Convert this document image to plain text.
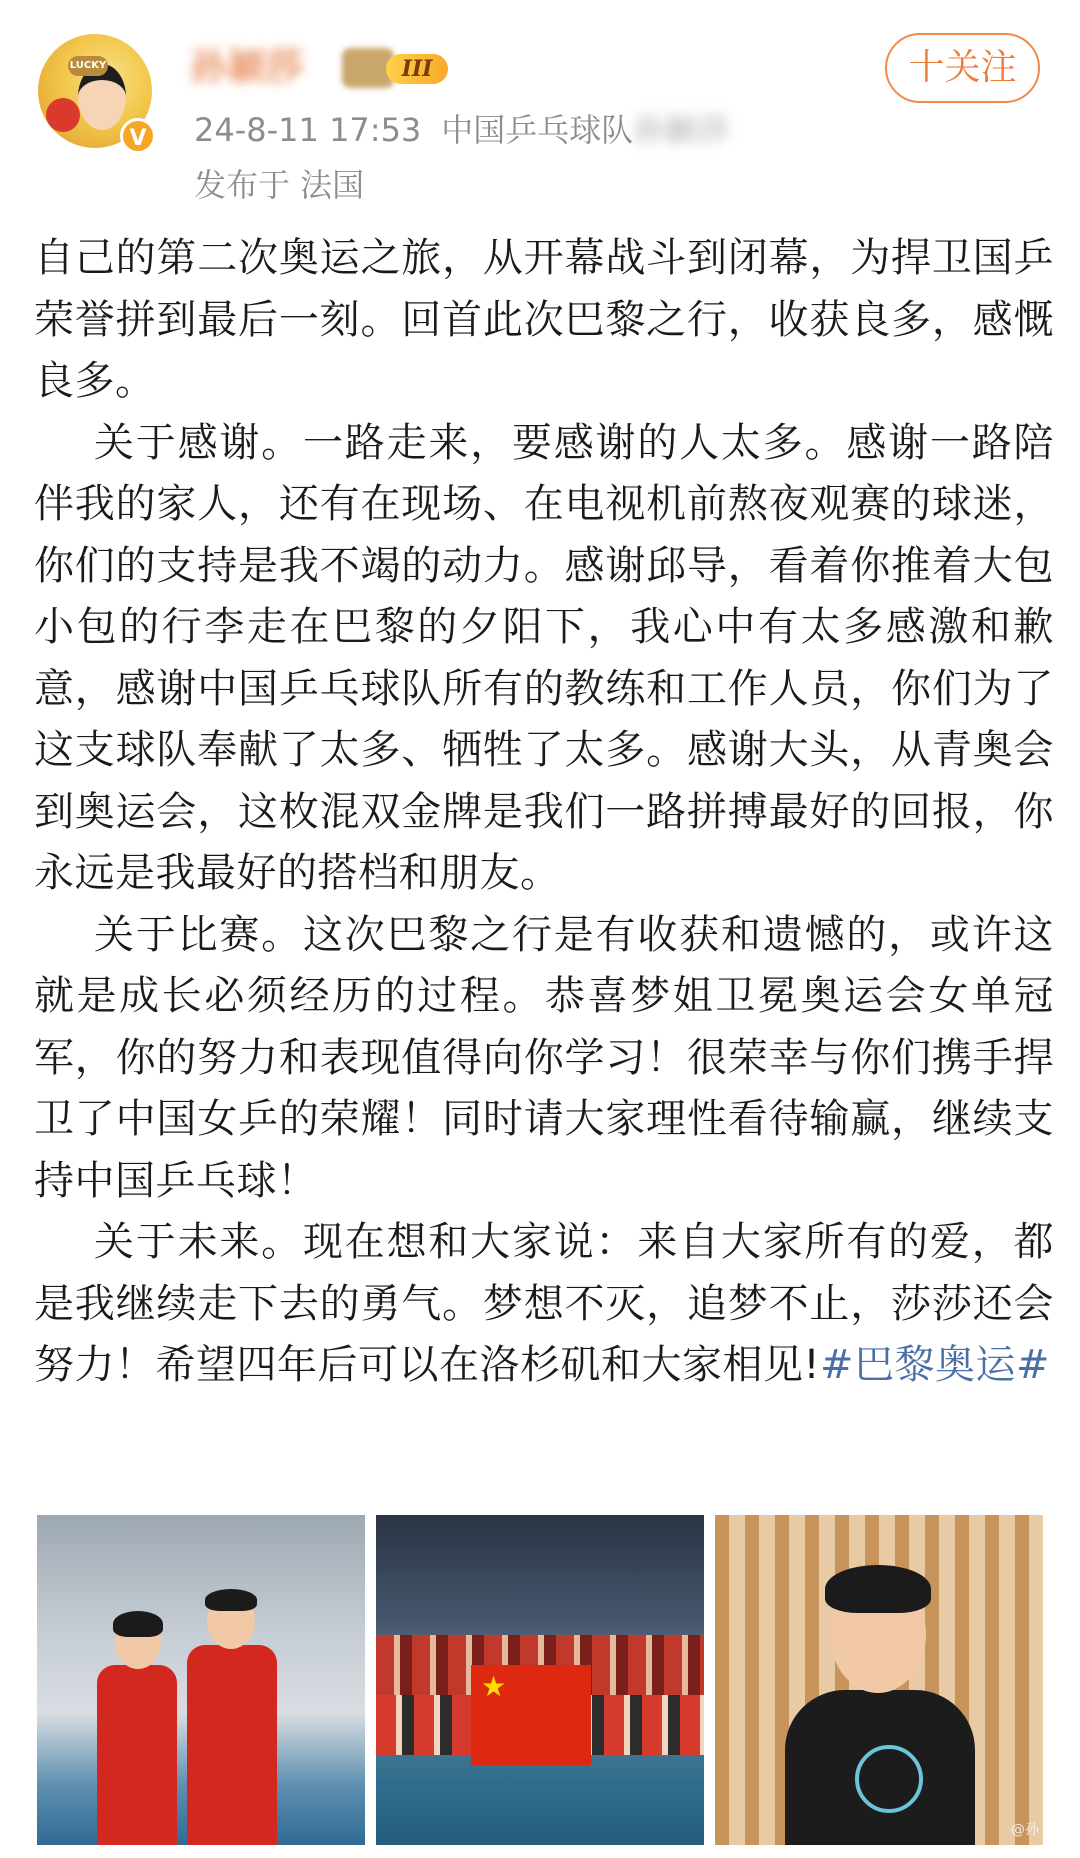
LUCKY
V
孙颖莎	III
24-8-11 17:53 中国乒乓球队孙颖莎
发布于 法国
十关注

自己的第二次奥运之旅，从开幕战斗到闭幕，为捍卫国乒荣誉拼到最后一刻。回首此次巴黎之行，收获良多，感慨良多。

关于感谢。一路走来，要感谢的人太多。感谢一路陪伴我的家人，还有在现场、在电视机前熬夜观赛的球迷，你们的支持是我不竭的动力。感谢邱导，看着你推着大包小包的行李走在巴黎的夕阳下，我心中有太多感激和歉意，感谢中国乒乓球队所有的教练和工作人员，你们为了这支球队奉献了太多、牺牲了太多。感谢大头，从青奥会到奥运会，这枚混双金牌是我们一路拼搏最好的回报，你永远是我最好的搭档和朋友。

关于比赛。这次巴黎之行是有收获和遗憾的，或许这就是成长必须经历的过程。恭喜梦姐卫冕奥运会女单冠军，你的努力和表现值得向你学习！很荣幸与你们携手捍卫了中国女乒的荣耀！同时请大家理性看待输赢，继续支持中国乒乓球！

关于未来。现在想和大家说：来自大家所有的爱，都是我继续走下去的勇气。梦想不灭，追梦不止，莎莎还会努力！希望四年后可以在洛杉矶和大家相见!#巴黎奥运#

★
@孙
